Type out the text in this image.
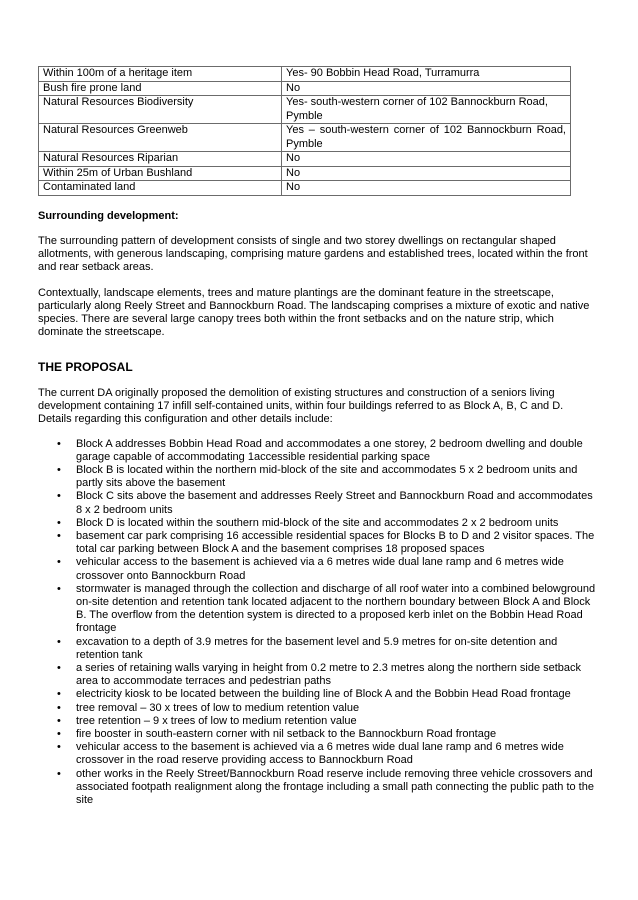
Within 100m of a heritage item	Yes- 90 Bobbin Head Road, Turramurra
Bush fire prone land	No
Natural Resources Biodiversity	Yes- south-western corner of 102 Bannockburn Road, Pymble
Natural Resources Greenweb	Yes – south-western corner of 102 Bannockburn Road, Pymble
Natural Resources Riparian	No
Within 25m of Urban Bushland	No
Contaminated land	No
Surrounding development:

The surrounding pattern of development consists of single and two storey dwellings on rectangular shaped allotments, with generous landscaping, comprising mature gardens and established trees, located within the front and rear setback areas.

Contextually, landscape elements, trees and mature plantings are the dominant feature in the streetscape, particularly along Reely Street and Bannockburn Road. The landscaping comprises a mixture of exotic and native species. There are several large canopy trees both within the front setbacks and on the nature strip, which dominate the streetscape.

THE PROPOSAL

The current DA originally proposed the demolition of existing structures and construction of a seniors living development containing 17 infill self-contained units, within four buildings referred to as Block A, B, C and D. Details regarding this configuration and other details include:

• Block A addresses Bobbin Head Road and accommodates a one storey, 2 bedroom dwelling and double garage capable of accommodating 1accessible residential parking space
• Block B is located within the northern mid-block of the site and accommodates 5 x 2 bedroom units and partly sits above the basement
• Block C sits above the basement and addresses Reely Street and Bannockburn Road and accommodates 8 x 2 bedroom units
• Block D is located within the southern mid-block of the site and accommodates 2 x 2 bedroom units
• basement car park comprising 16 accessible residential spaces for Blocks B to D and 2 visitor spaces. The total car parking between Block A and the basement comprises 18 proposed spaces
• vehicular access to the basement is achieved via a 6 metres wide dual lane ramp and 6 metres wide crossover onto Bannockburn Road
• stormwater is managed through the collection and discharge of all roof water into a combined belowground on-site detention and retention tank located adjacent to the northern boundary between Block A and Block B. The overflow from the detention system is directed to a proposed kerb inlet on the Bobbin Head Road frontage
• excavation to a depth of 3.9 metres for the basement level and 5.9 metres for on-site detention and retention tank
• a series of retaining walls varying in height from 0.2 metre to 2.3 metres along the northern side setback area to accommodate terraces and pedestrian paths
• electricity kiosk to be located between the building line of Block A and the Bobbin Head Road frontage
• tree removal – 30 x trees of low to medium retention value
• tree retention – 9 x trees of low to medium retention value
• fire booster in south-eastern corner with nil setback to the Bannockburn Road frontage
• vehicular access to the basement is achieved via a 6 metres wide dual lane ramp and 6 metres wide crossover in the road reserve providing access to Bannockburn Road
• other works in the Reely Street/Bannockburn Road reserve include removing three vehicle crossovers and associated footpath realignment along the frontage including a small path connecting the public path to the site
